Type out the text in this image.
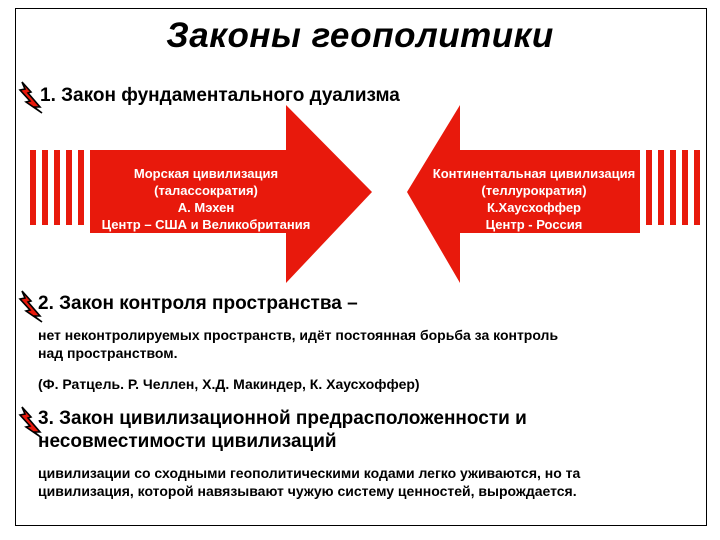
Законы геополитики
1. Закон фундаментального дуализма
Морская цивилизация
(талассократия)
А. Мэхен
Центр – США и Великобритания
Континентальная цивилизация
(теллурократия)
К.Хаусхоффер
Центр - Россия
2. Закон контроля пространства –
нет неконтролируемых пространств, идёт постоянная борьба за контроль
над пространством.
(Ф. Ратцель. Р. Челлен, Х.Д. Макиндер, К. Хаусхоффер)
3. Закон цивилизационной предрасположенности и
несовместимости цивилизаций
цивилизации со сходными геополитическими кодами легко уживаются, но та
цивилизация, которой навязывают чужую систему ценностей, вырождается.
